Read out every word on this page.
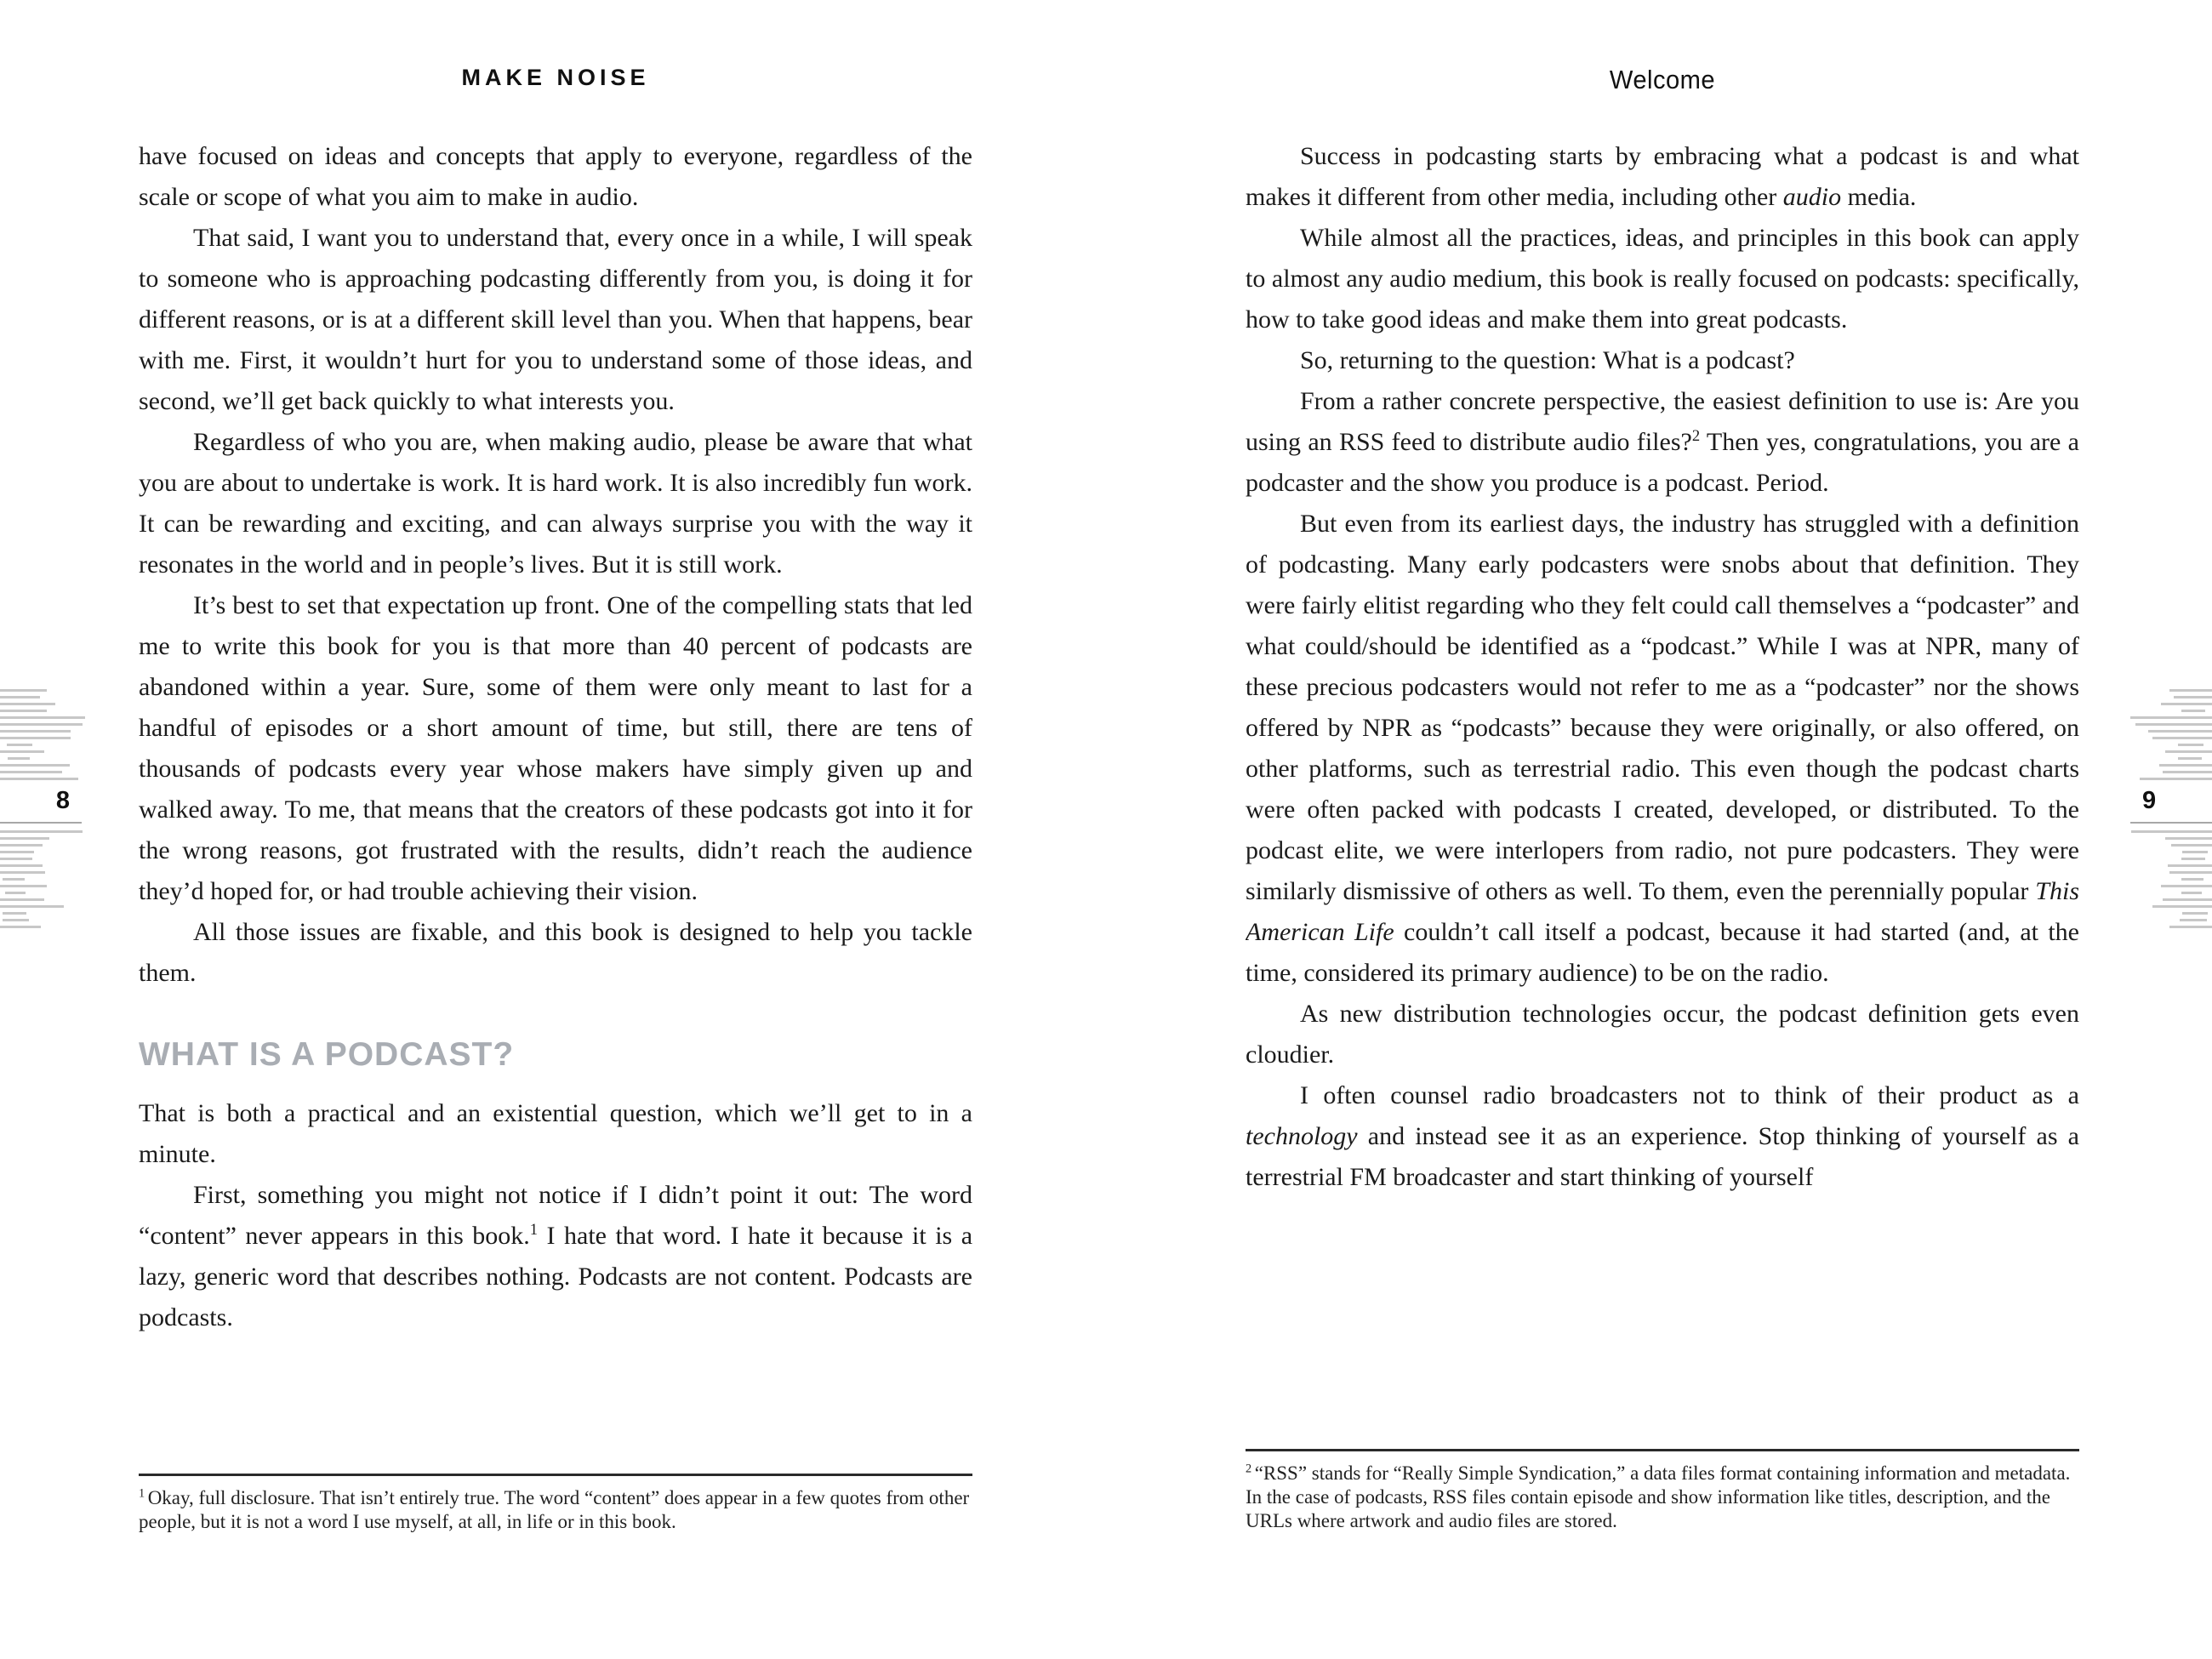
MAKE NOISE

have focused on ideas and concepts that apply to everyone, regardless of the scale or scope of what you aim to make in audio.

That said, I want you to understand that, every once in a while, I will speak to someone who is approaching podcasting differently from you, is doing it for different reasons, or is at a different skill level than you. When that happens, bear with me. First, it wouldn’t hurt for you to understand some of those ideas, and second, we’ll get back quickly to what interests you.

Regardless of who you are, when making audio, please be aware that what you are about to undertake is work. It is hard work. It is also incredibly fun work. It can be rewarding and exciting, and can always surprise you with the way it resonates in the world and in people’s lives. But it is still work.

It’s best to set that expectation up front. One of the compelling stats that led me to write this book for you is that more than 40 percent of podcasts are abandoned within a year. Sure, some of them were only meant to last for a handful of episodes or a short amount of time, but still, there are tens of thousands of podcasts every year whose makers have simply given up and walked away. To me, that means that the creators of these podcasts got into it for the wrong reasons, got frustrated with the results, didn’t reach the audience they’d hoped for, or had trouble achieving their vision.

All those issues are fixable, and this book is designed to help you tackle them.

WHAT IS A PODCAST?

That is both a practical and an existential question, which we’ll get to in a minute.

First, something you might not notice if I didn’t point it out: The word “content” never appears in this book.$^1$ I hate that word. I hate it because it is a lazy, generic word that describes nothing. Podcasts are not content. Podcasts are podcasts.

$^1$ Okay, full disclosure. That isn’t entirely true. The word “content” does appear in a few quotes from other people, but it is not a word I use myself, at all, in life or in this book.
8
Welcome

Success in podcasting starts by embracing what a podcast is and what makes it different from other media, including other audio media.

While almost all the practices, ideas, and principles in this book can apply to almost any audio medium, this book is really focused on podcasts: specifically, how to take good ideas and make them into great podcasts.

So, returning to the question: What is a podcast?

From a rather concrete perspective, the easiest definition to use is: Are you using an RSS feed to distribute audio files?$^2$ Then yes, congratulations, you are a podcaster and the show you produce is a podcast. Period.

But even from its earliest days, the industry has struggled with a definition of podcasting. Many early podcasters were snobs about that definition. They were fairly elitist regarding who they felt could call themselves a “podcaster” and what could/should be identified as a “podcast.” While I was at NPR, many of these precious podcasters would not refer to me as a “podcaster” nor the shows offered by NPR as “podcasts” because they were originally, or also offered, on other platforms, such as terrestrial radio. This even though the podcast charts were often packed with podcasts I created, developed, or distributed. To the podcast elite, we were interlopers from radio, not pure podcasters. They were similarly dismissive of others as well. To them, even the perennially popular This American Life couldn’t call itself a podcast, because it had started (and, at the time, considered its primary audience) to be on the radio.

As new distribution technologies occur, the podcast definition gets even cloudier.

I often counsel radio broadcasters not to think of their product as a technology and instead see it as an experience. Stop thinking of yourself as a terrestrial FM broadcaster and start thinking of yourself

$^2$ “RSS” stands for “Really Simple Syndication,” a data files format containing information and metadata. In the case of podcasts, RSS files contain episode and show information like titles, description, and the URLs where artwork and audio files are stored.
9
